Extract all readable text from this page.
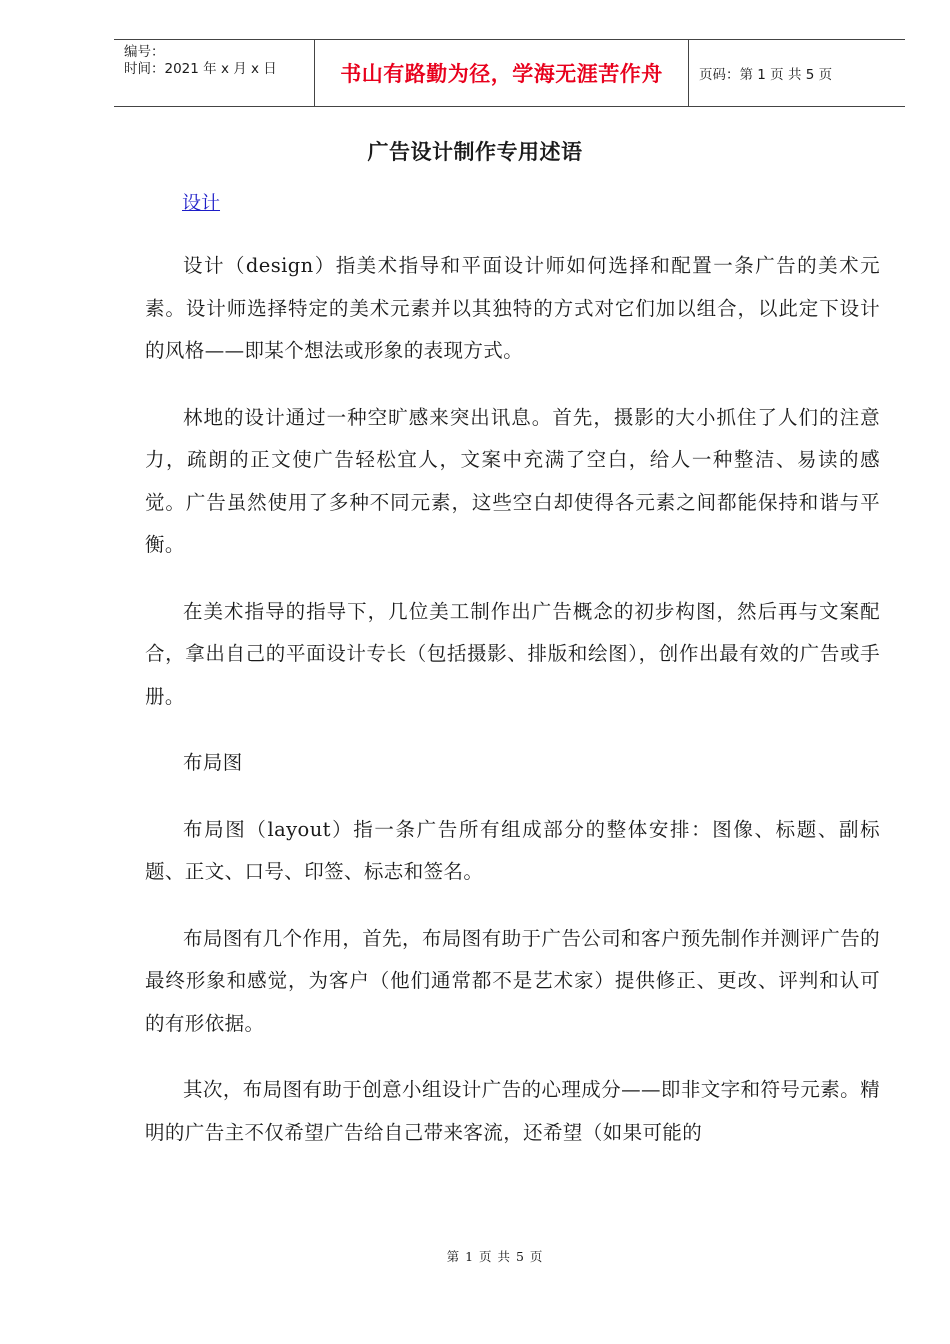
编号：
时间：2021 年 x 月 x 日	书山有路勤为径，学海无涯苦作舟	页码：第 1 页 共 5 页
广告设计制作专用述语
设计

设计（design）指美术指导和平面设计师如何选择和配置一条广告的美术元素。设计师选择特定的美术元素并以其独特的方式对它们加以组合，以此定下设计的风格——即某个想法或形象的表现方式。

林地的设计通过一种空旷感来突出讯息。首先，摄影的大小抓住了人们的注意力，疏朗的正文使广告轻松宜人，文案中充满了空白，给人一种整洁、易读的感觉。广告虽然使用了多种不同元素，这些空白却使得各元素之间都能保持和谐与平衡。

在美术指导的指导下，几位美工制作出广告概念的初步构图，然后再与文案配合，拿出自己的平面设计专长（包括摄影、排版和绘图），创作出最有效的广告或手册。

布局图

布局图（layout）指一条广告所有组成部分的整体安排：图像、标题、副标题、正文、口号、印签、标志和签名。

布局图有几个作用，首先，布局图有助于广告公司和客户预先制作并测评广告的最终形象和感觉，为客户（他们通常都不是艺术家）提供修正、更改、评判和认可的有形依据。

其次，布局图有助于创意小组设计广告的心理成分——即非文字和符号元素。精明的广告主不仅希望广告给自己带来客流，还希望（如果可能的

第 1 页 共 5 页
